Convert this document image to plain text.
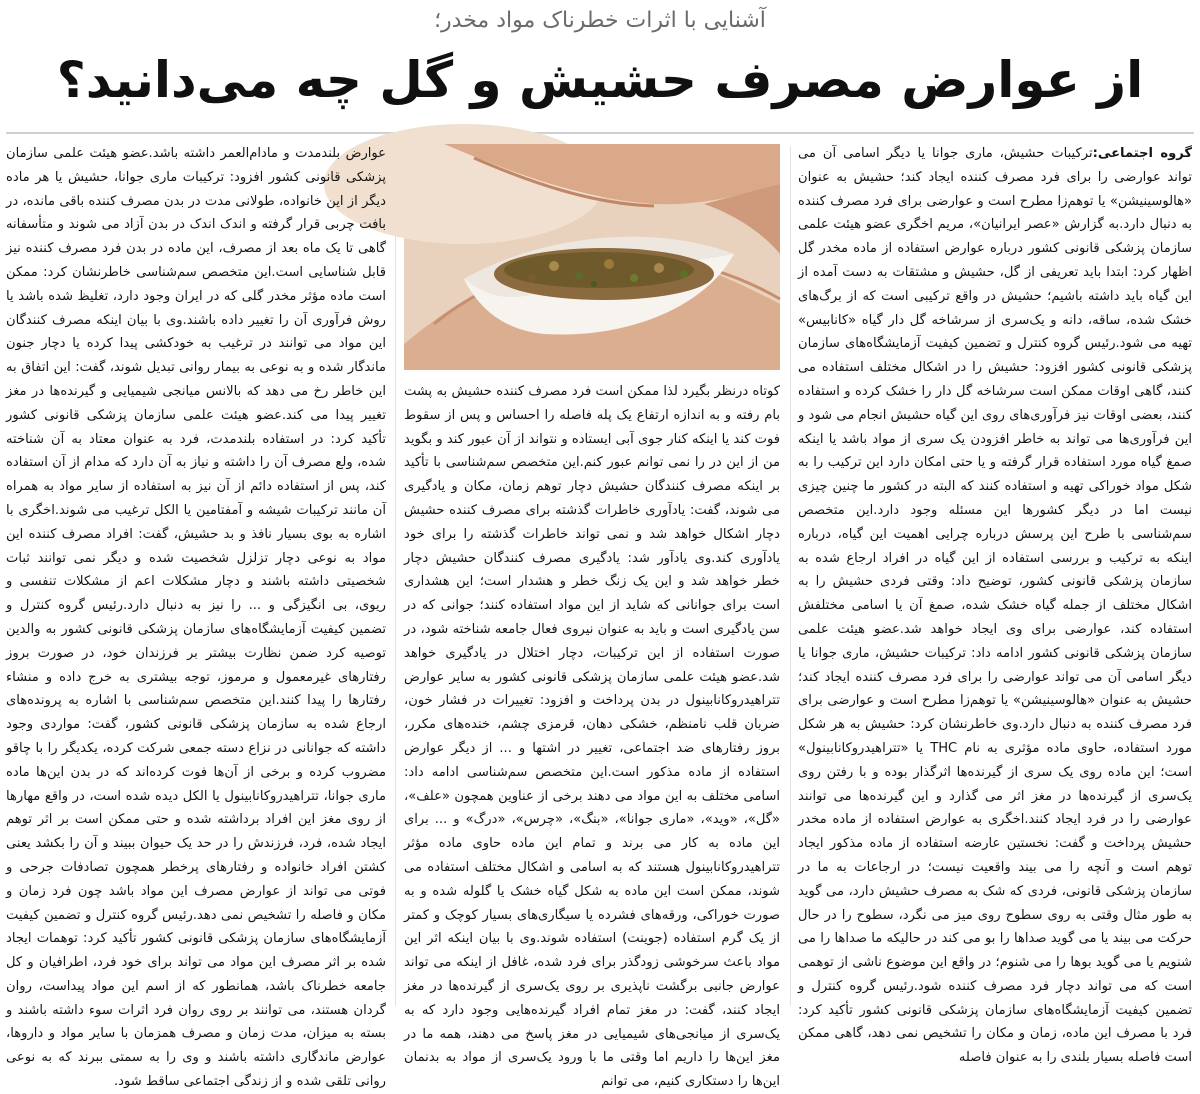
آشنایی با اثرات خطرناک مواد مخدر؛
از عوارض مصرف حشیش و گل چه می‌دانید؟

گروه اجتماعی:ترکیبات حشیش، ماری جوانا یا دیگر اسامی آن می تواند عوارضی را برای فرد مصرف کننده ایجاد کند؛ حشیش به عنوان «هالوسینیشن» یا توهم‌زا مطرح است و عوارضی برای فرد مصرف کننده به دنبال دارد.به گزارش «عصر ایرانیان»، مریم اخگری عضو هیئت علمی سازمان پزشکی قانونی کشور درباره عوارض استفاده از ماده مخدر گل اظهار کرد: ابتدا باید تعریفی از گل، حشیش و مشتقات به دست آمده از این گیاه باید داشته باشیم؛ حشیش در واقع ترکیبی است که از برگ‌های خشک شده، ساقه، دانه و یک‌سری از سرشاخه گل دار گیاه «کانابیس» تهیه می شود.رئیس گروه کنترل و تضمین کیفیت آزمایشگاه‌های سازمان پزشکی قانونی کشور افزود: حشیش را در اشکال مختلف استفاده می کنند، گاهی اوقات ممکن است سرشاخه گل دار را خشک کرده و استفاده کنند، بعضی اوقات نیز فرآوری‌های روی این گیاه حشیش انجام می شود و این فرآوری‌ها می تواند به خاطر افزودن یک سری از مواد باشد یا اینکه صمغ گیاه مورد استفاده قرار گرفته و یا حتی امکان دارد این ترکیب را به شکل مواد خوراکی تهیه و استفاده کنند که البته در کشور ما چنین چیزی نیست اما در دیگر کشورها این مسئله وجود دارد.این متخصص سم‌شناسی با طرح این پرسش درباره چرایی اهمیت این گیاه، درباره اینکه به ترکیب و بررسی استفاده از این گیاه در افراد ارجاع شده به سازمان پزشکی قانونی کشور، توضیح داد: وقتی فردی حشیش را به اشکال مختلف از جمله گیاه خشک شده، صمغ آن یا اسامی مختلفش استفاده کند، عوارضی برای وی ایجاد خواهد شد.عضو هیئت علمی سازمان پزشکی قانونی کشور ادامه داد: ترکیبات حشیش، ماری جوانا یا دیگر اسامی آن می تواند عوارضی را برای فرد مصرف کننده ایجاد کند؛ حشیش به عنوان «هالوسینیشن» یا توهم‌زا مطرح است و عوارضی برای فرد مصرف کننده به دنبال دارد.وی خاطرنشان کرد: حشیش به هر شکل مورد استفاده، حاوی ماده مؤثری به نام THC یا «تتراهیدروکانابینول» است؛ این ماده روی یک سری از گیرنده‌ها اثرگذار بوده و با رفتن روی یک‌سری از گیرنده‌ها در مغز اثر می گذارد و این گیرنده‌ها می توانند عوارضی را در فرد ایجاد کنند.اخگری به عوارض استفاده از ماده مخدر حشیش پرداخت و گفت: نخستین عارضه استفاده از ماده مذکور ایجاد توهم است و آنچه را می بیند واقعیت نیست؛ در ارجاعات به ما در سازمان پزشکی قانونی، فردی که شک به مصرف حشیش دارد، می گوید به طور مثال وقتی به روی سطوح روی میز می نگرد، سطوح را در حال حرکت می بیند یا می گوید صداها را بو می کند در حالیکه ما صداها را می شنویم یا می گوید بوها را می شنوم؛ در واقع این موضوع ناشی از توهمی است که می تواند دچار فرد مصرف کننده شود.رئیس گروه کنترل و تضمین کیفیت آزمایشگاه‌های سازمان پزشکی قانونی کشور تأکید کرد: فرد با مصرف این ماده، زمان و مکان را تشخیص نمی دهد، گاهی ممکن است فاصله بسیار بلندی را به عنوان فاصله

کوتاه درنظر بگیرد لذا ممکن است فرد مصرف کننده حشیش به پشت بام رفته و به اندازه ارتفاع یک پله فاصله را احساس و پس از سقوط فوت کند یا اینکه کنار جوی آبی ایستاده و نتواند از آن عبور کند و بگوید من از این در را نمی توانم عبور کنم.این متخصص سم‌شناسی با تأکید بر اینکه مصرف کنندگان حشیش دچار توهم زمان، مکان و یادگیری می شوند، گفت: یادآوری خاطرات گذشته برای مصرف کننده حشیش دچار اشکال خواهد شد و نمی تواند خاطرات گذشته را برای خود یادآوری کند.وی یادآور شد: یادگیری مصرف کنندگان حشیش دچار خطر خواهد شد و این یک زنگ خطر و هشدار است؛ این هشداری است برای جوانانی که شاید از این مواد استفاده کنند؛ جوانی که در سن یادگیری است و باید به عنوان نیروی فعال جامعه شناخته شود، در صورت استفاده از این ترکیبات، دچار اختلال در یادگیری خواهد شد.عضو هیئت علمی سازمان پزشکی قانونی کشور به سایر عوارض تتراهیدروکانابینول در بدن پرداخت و افزود: تغییرات در فشار خون، ضربان قلب نامنظم، خشکی دهان، قرمزی چشم، خنده‌های مکرر، بروز رفتارهای ضد اجتماعی، تغییر در اشتها و ... از دیگر عوارض استفاده از ماده مذکور است.این متخصص سم‌شناسی ادامه داد: اسامی مختلف به این مواد می دهند برخی از عناوین همچون «علف»، «گل»، «وید»، «ماری جوانا»، «بنگ»، «چرس»، «درگ» و ... برای این ماده به کار می برند و تمام این ماده حاوی ماده مؤثر تتراهیدروکانابینول هستند که به اسامی و اشکال مختلف استفاده می شوند، ممکن است این ماده به شکل گیاه خشک یا گلوله شده و به صورت خوراکی، ورقه‌های فشرده یا سیگاری‌های بسیار کوچک و کمتر از یک گرم استفاده (جوینت) استفاده شوند.وی با بیان اینکه اثر این مواد باعث سرخوشی زودگذر برای فرد شده، غافل از اینکه می تواند عوارض جانبی برگشت ناپذیری بر روی یک‌سری از گیرنده‌ها در مغز ایجاد کنند، گفت: در مغز تمام افراد گیرنده‌هایی وجود دارد که به یک‌سری از میانجی‌های شیمیایی در مغز پاسخ می دهند، همه ما در مغز این‌ها را داریم اما وقتی ما با ورود یک‌سری از مواد به بدنمان این‌ها را دستکاری کنیم، می توانم

عوارض بلندمدت و مادام‌العمر داشته باشد.عضو هیئت علمی سازمان پزشکی قانونی کشور افزود: ترکیبات ماری جوانا، حشیش یا هر ماده دیگر از این خانواده، طولانی مدت در بدن مصرف کننده باقی مانده، در بافت چربی قرار گرفته و اندک اندک در بدن آزاد می شوند و متأسفانه گاهی تا یک ماه بعد از مصرف، این ماده در بدن فرد مصرف کننده نیز قابل شناسایی است.این متخصص سم‌شناسی خاطرنشان کرد: ممکن است ماده مؤثر مخدر گلی که در ایران وجود دارد، تغلیظ شده باشد یا روش فرآوری آن را تغییر داده باشند.وی با بیان اینکه مصرف کنندگان این مواد می توانند در ترغیب به خودکشی پیدا کرده یا دچار جنون ماندگار شده و به نوعی به بیمار روانی تبدیل شوند، گفت: این اتفاق به این خاطر رخ می دهد که بالانس میانجی شیمیایی و گیرنده‌ها در مغز تغییر پیدا می کند.عضو هیئت علمی سازمان پزشکی قانونی کشور تأکید کرد: در استفاده بلندمدت، فرد به عنوان معتاد به آن شناخته شده، ولع مصرف آن را داشته و نیاز به آن دارد که مدام از آن استفاده کند، پس از استفاده دائم از آن نیز به استفاده از سایر مواد به همراه آن مانند ترکیبات شیشه و آمفتامین یا الکل ترغیب می شوند.اخگری با اشاره به بوی بسیار نافذ و بد حشیش، گفت: افراد مصرف کننده این مواد به نوعی دچار تزلزل شخصیت شده و دیگر نمی توانند ثبات شخصیتی داشته باشند و دچار مشکلات اعم از مشکلات تنفسی و ریوی، بی انگیزگی و ... را نیز به دنبال دارد.رئیس گروه کنترل و تضمین کیفیت آزمایشگاه‌های سازمان پزشکی قانونی کشور به والدین توصیه کرد ضمن نظارت بیشتر بر فرزندان خود، در صورت بروز رفتارهای غیرمعمول و مرموز، توجه بیشتری به خرج داده و منشاء رفتارها را پیدا کنند.این متخصص سم‌شناسی با اشاره به پرونده‌های ارجاع شده به سازمان پزشکی قانونی کشور، گفت: مواردی وجود داشته که جوانانی در نزاع دسته جمعی شرکت کرده، یکدیگر را با چاقو مضروب کرده و برخی از آن‌ها فوت کرده‌اند که در بدن این‌ها ماده ماری جوانا، تتراهیدروکانابینول یا الکل دیده شده است، در واقع مهارها از روی مغز این افراد برداشته شده و حتی ممکن است بر اثر توهم ایجاد شده، فرد، فرزندش را در حد یک حیوان ببیند و آن را بکشد یعنی کشتن افراد خانواده و رفتارهای پرخطر همچون تصادفات جرحی و فوتی می تواند از عوارض مصرف این مواد باشد چون فرد زمان و مکان و فاصله را تشخیص نمی دهد.رئیس گروه کنترل و تضمین کیفیت آزمایشگاه‌های سازمان پزشکی قانونی کشور تأکید کرد: توهمات ایجاد شده بر اثر مصرف این مواد می تواند برای خود فرد، اطرافیان و کل جامعه خطرناک باشد، همانطور که از اسم این مواد پیداست، روان گردان هستند، می توانند بر روی روان فرد اثرات سوء داشته باشند و بسته به میزان، مدت زمان و مصرف همزمان با سایر مواد و داروها، عوارض ماندگاری داشته باشند و وی را به سمتی ببرند که به نوعی روانی تلقی شده و از زندگی اجتماعی ساقط شود.
